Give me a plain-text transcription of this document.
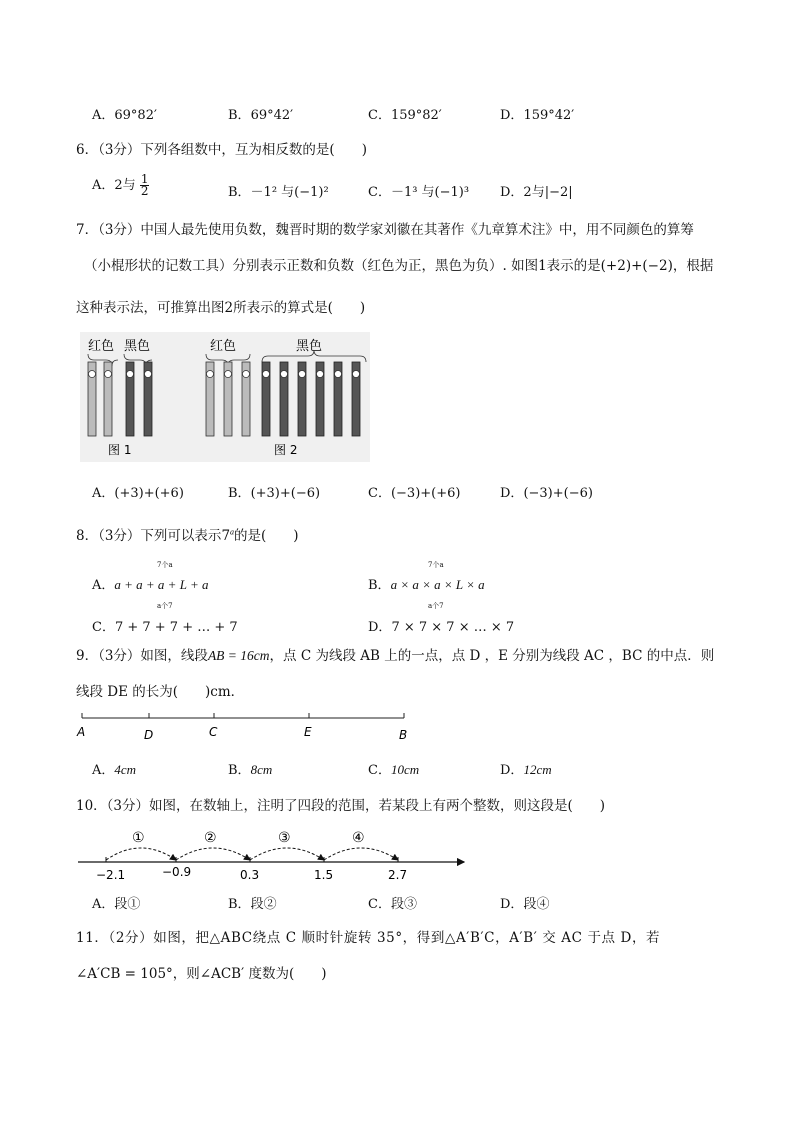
A．69°82′	B．69°42′	C．159°82′	D．159°42′
6．（3分）下列各组数中，互为相反数的是(　　)
A．2与 $\frac{1}{2}$	B．－1² 与(−1)²	C．－1³ 与(−1)³ D．2与|−2|
7．（3分）中国人最先使用负数，魏晋时期的数学家刘徽在其著作《九章算术注》中，用不同颜色的算筹
（小棍形状的记数工具）分别表示正数和负数（红色为正，黑色为负）. 如图1表示的是(+2)+(−2)，根据
这种表示法，可推算出图2所表示的算式是(　　)
红色 黑色
图 1
红色	黑色
图 2
A．(+3)+(+6)	B．(+3)+(−6)	C．(−3)+(+6)	D．(−3)+(−6)
8．（3分）下列可以表示7$^a$的是(　　)
7个a
A．a + a + a + L + a
7个a
B．a × a × a × L × a
a个7
C．7 + 7 + 7 + … + 7
a个7
D．7 × 7 × 7 × … × 7
9．（3分）如图，线段AB = 16cm，点 C 为线段 AB 上的一点，点 D ，E 分别为线段 AC ，BC 的中点．则
线段 DE 的长为(　　)cm．
A	D	C	E	B
A．4cm	B．8cm	C．10cm	D．12cm
10．（3分）如图，在数轴上，注明了四段的范围，若某段上有两个整数，则这段是(　　)
①	②	③	④
−2.1	−0.9	0.3	1.5	2.7
A．段①	B．段②	C．段③	D．段④
11．（2分）如图，把△ABC绕点 C 顺时针旋转 35°，得到△A′B′C，A′B′ 交 AC 于点 D，若
∠A′CB = 105°，则∠ACB′ 度数为(　　)
